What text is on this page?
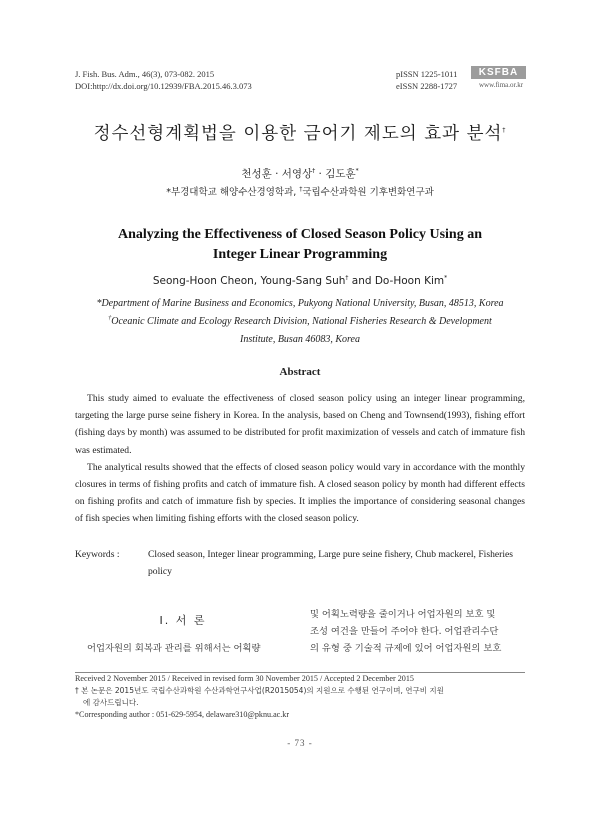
J. Fish. Bus. Adm., 46(3), 073-082. 2015
DOI:http://dx.doi.org/10.12939/FBA.2015.46.3.073
pISSN 1225-1011
eISSN 2288-1727
KSFBA
www.fima.or.kr
정수선형계획법을 이용한 금어기 제도의 효과 분석†
천성훈 · 서영상† · 김도훈*
*부경대학교 해양수산경영학과, †국립수산과학원 기후변화연구과
Analyzing the Effectiveness of Closed Season Policy Using an
Integer Linear Programming
Seong-Hoon Cheon, Young-Sang Suh† and Do-Hoon Kim*
*Department of Marine Business and Economics, Pukyong National University, Busan, 48513, Korea
†Oceanic Climate and Ecology Research Division, National Fisheries Research & Development
Institute, Busan 46083, Korea
Abstract

This study aimed to evaluate the effectiveness of closed season policy using an integer linear programming, targeting the large purse seine fishery in Korea. In the analysis, based on Cheng and Townsend(1993), fishing effort (fishing days by month) was assumed to be distributed for profit maximization of vessels and catch of immature fish was estimated.

The analytical results showed that the effects of closed season policy would vary in accordance with the monthly closures in terms of fishing profits and catch of immature fish. A closed season policy by month had different effects on fishing profits and catch of immature fish by species. It implies the importance of considering seasonal changes of fish species when limiting fishing efforts with the closed season policy.

Keywords :	Closed season, Integer linear programming, Large pure seine fishery, Chub mackerel, Fisheries policy
Ⅰ. 서 론
어업자원의 회복과 관리를 위해서는 어획량
및 어획노력량을 줄이거나 어업자원의 보호 및
조성 여건을 만들어 주어야 한다. 어업관리수단
의 유형 중 기술적 규제에 있어 어업자원의 보호
Received 2 November 2015 / Received in revised form 30 November 2015 / Accepted 2 December 2015
† 본 논문은 2015년도 국립수산과학원 수산과학연구사업(R2015054)의 지원으로 수행된 연구이며, 연구비 지원
에 감사드립니다.
*Corresponding author : 051-629-5954, delaware310@pknu.ac.kr
- 73 -
